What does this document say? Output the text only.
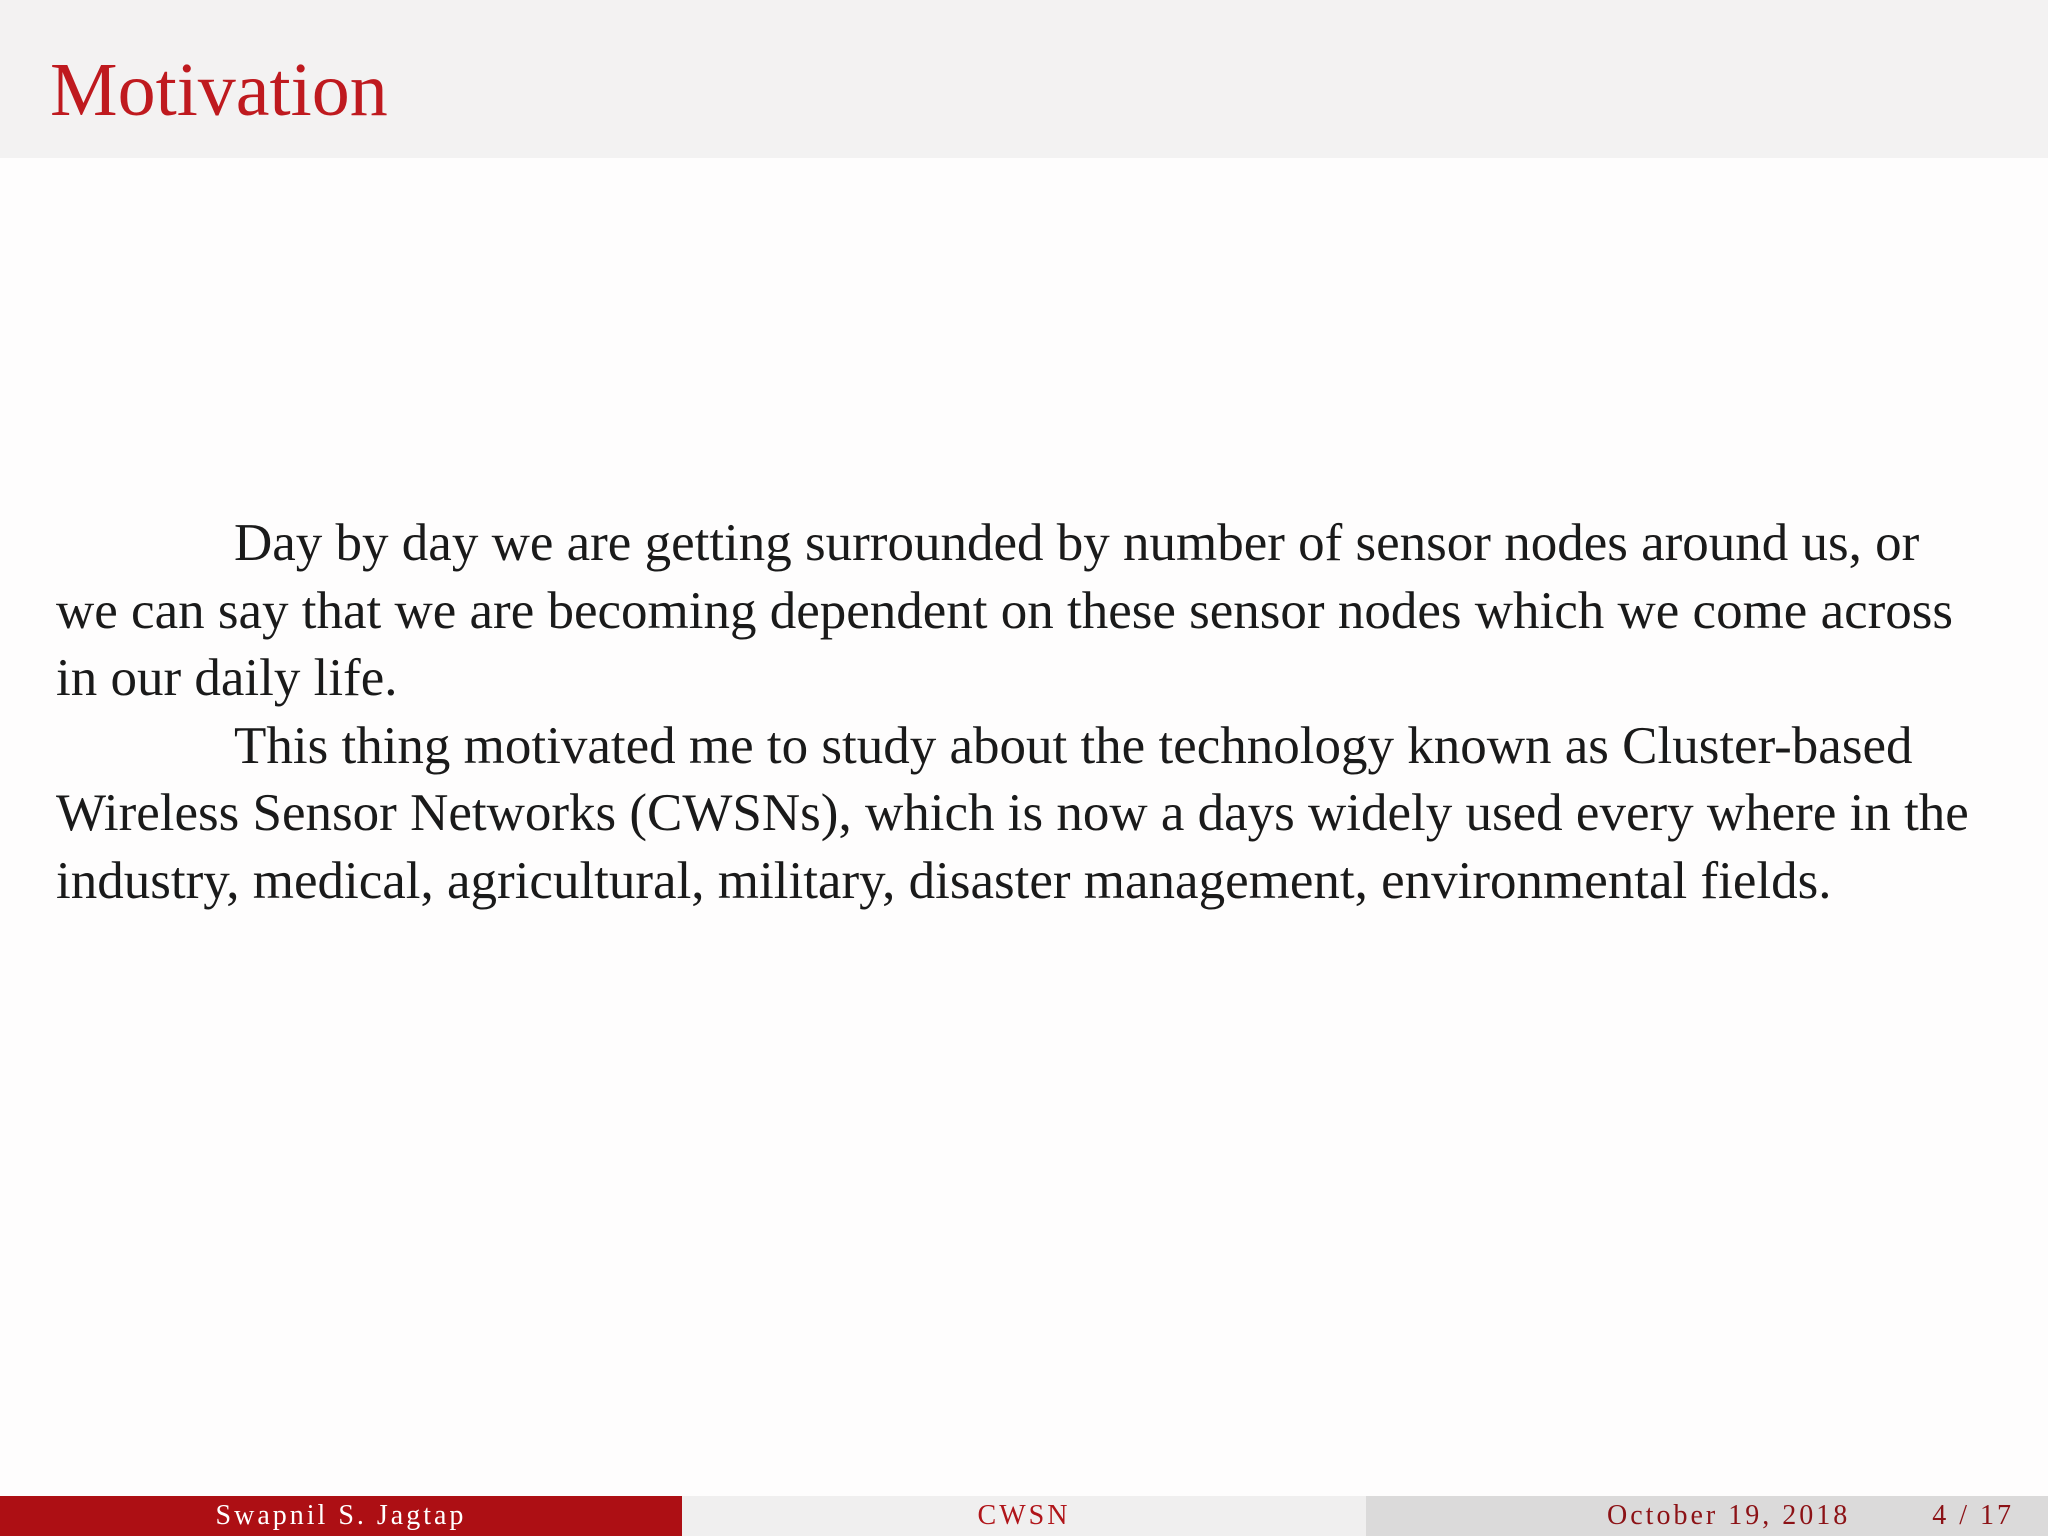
Motivation

Day by day we are getting surrounded by number of sensor nodes around us, or we can say that we are becoming dependent on these sensor nodes which we come across in our daily life.

This thing motivated me to study about the technology known as Cluster-based Wireless Sensor Networks (CWSNs), which is now a days widely used every where in the industry, medical, agricultural, military, disaster management, environmental fields.

Swapnil S. Jagtap	CWSN	October 19, 2018	4 / 17
